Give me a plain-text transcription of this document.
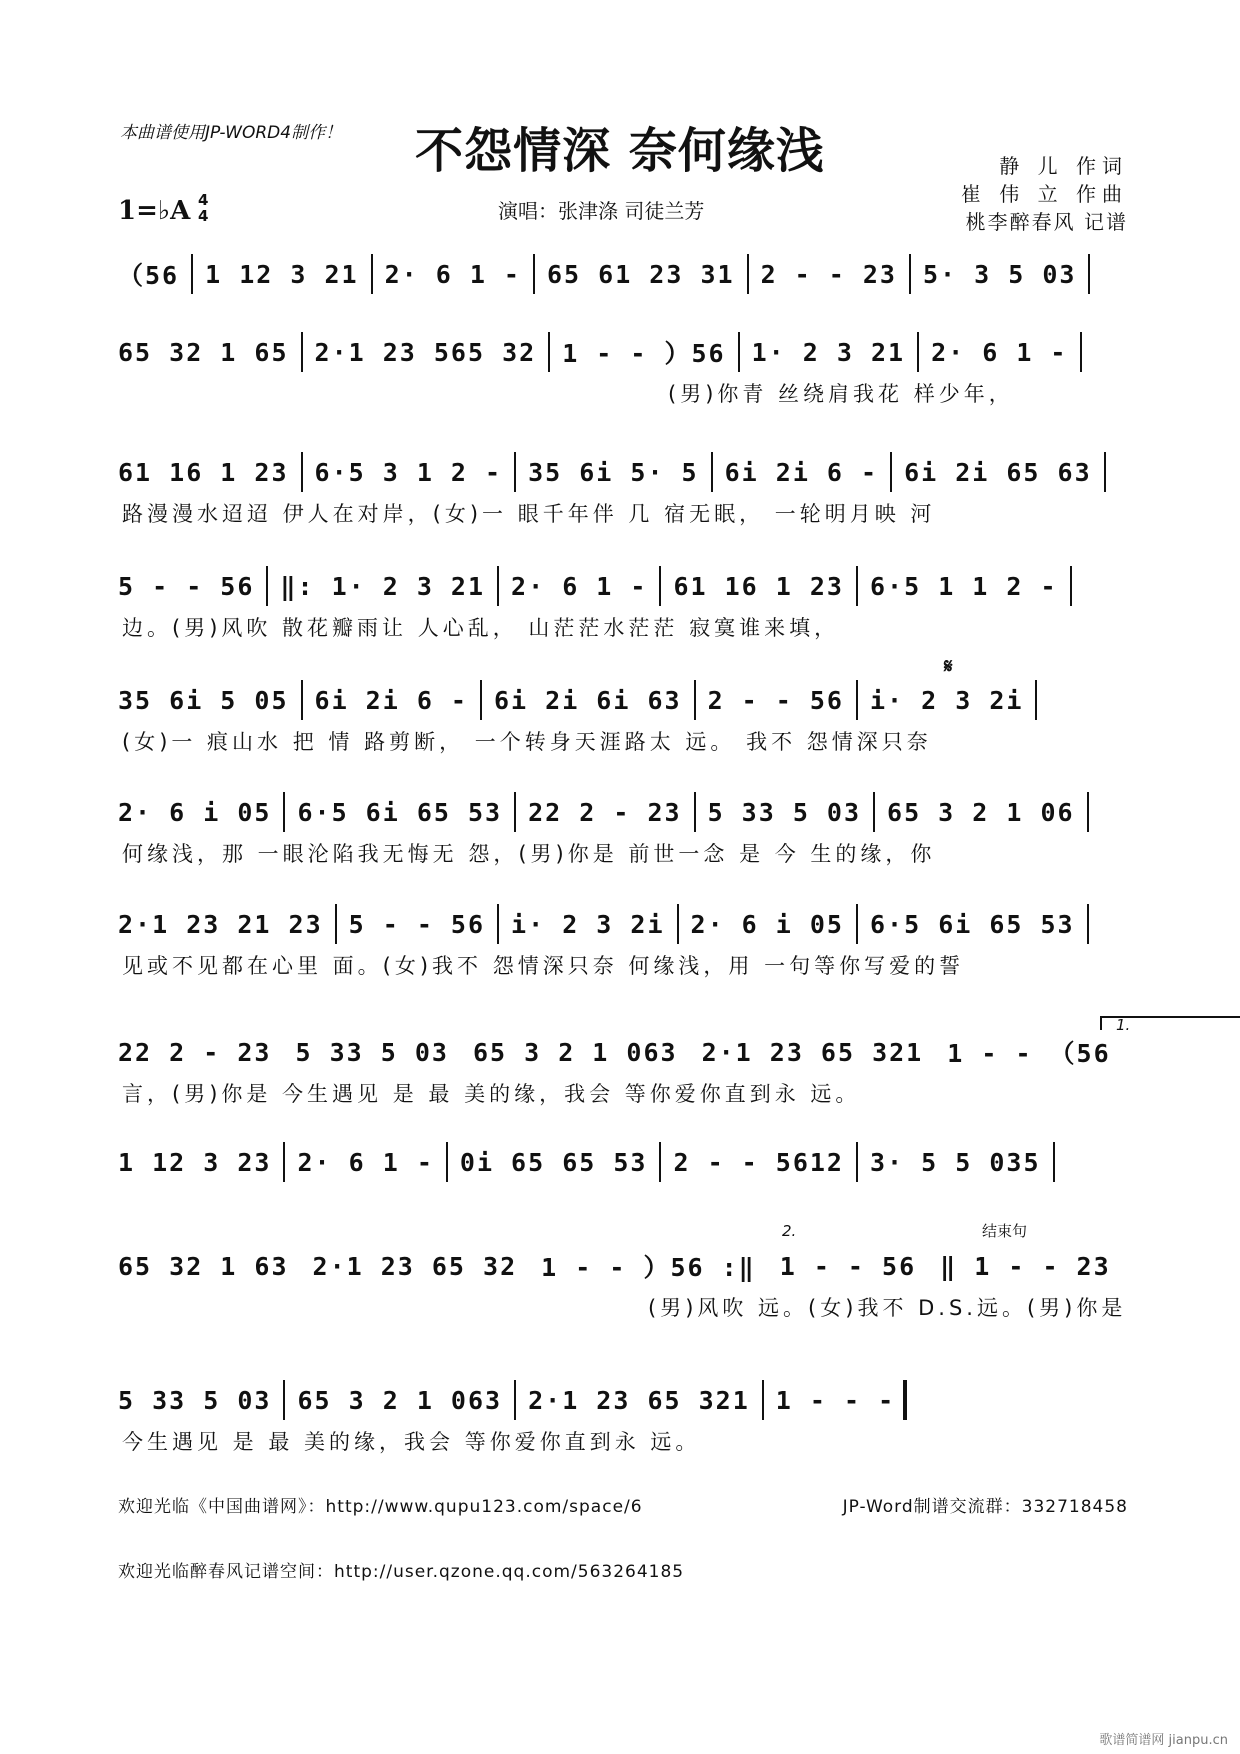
本曲谱使用JP-WORD4制作！	不怨情深 奈何缘浅
1=♭A 4
4	演唱：张津涤 司徒兰芳
静 儿 作词
崔 伟 立 作曲
桃李醉春风 记谱
（56 1 12 3 21 2· 6 1 - 65 61 23 31 2 - - 23 5· 3 5 03
65 32 1 65 2·1 23 565 32 1 - - ）56 1· 2 3 21 2· 6 1 -
(男)你青 丝绕肩我花 样少年，
61 16 1 23 6·5 3 1 2 - 35 6i 5· 5 6i 2i 6 - 6i 2i 65 63
路漫漫水迢迢 伊人在对岸，(女)一 眼千年伴 几 宿无眠， 一轮明月映 河
5 - - 56 ‖: 1· 2 3 21 2· 6 1 - 61 16 1 23 6·5 1 1 2 -
边。(男)风吹 散花瓣雨让 人心乱， 山茫茫水茫茫 寂寞谁来填，
𝄋
35 6i 5 05 6i 2i 6 - 6i 2i 6i 63 2 - - 56 i· 2 3 2i
(女)一 痕山水 把 情 路剪断， 一个转身天涯路太 远。 我不 怨情深只奈
2· 6 i 05 6·5 6i 65 53 22 2 - 23 5 33 5 03 65 3 2 1 06
何缘浅，那 一眼沦陷我无悔无 怨，(男)你是 前世一念 是 今 生的缘，你
2·1 23 21 23 5 - - 56 i· 2 3 2i 2· 6 i 05 6·5 6i 65 53
见或不见都在心里 面。(女)我不 怨情深只奈 何缘浅，用 一句等你写爱的誓
1.
22 2 - 23 5 33 5 03 65 3 2 1 063 2·1 23 65 321 1 - - （56
言，(男)你是 今生遇见 是 最 美的缘，我会 等你爱你直到永 远。
1 12 3 23 2· 6 1 - 0i 65 65 53 2 - - 5612 3· 5 5 035
2.	结束句
65 32 1 63 2·1 23 65 32 1 - - ）56 :‖ 1 - - 56 ‖ 1 - - 23
(男)风吹 远。(女)我不 D.S.远。(男)你是
5 33 5 03 65 3 2 1 063 2·1 23 65 321 1 - - -
今生遇见 是 最 美的缘，我会 等你爱你直到永 远。
欢迎光临《中国曲谱网》：http://www.qupu123.com/space/6	JP-Word制谱交流群：332718458
欢迎光临醉春风记谱空间：http://user.qzone.qq.com/563264185
歌谱简谱网 jianpu.cn
